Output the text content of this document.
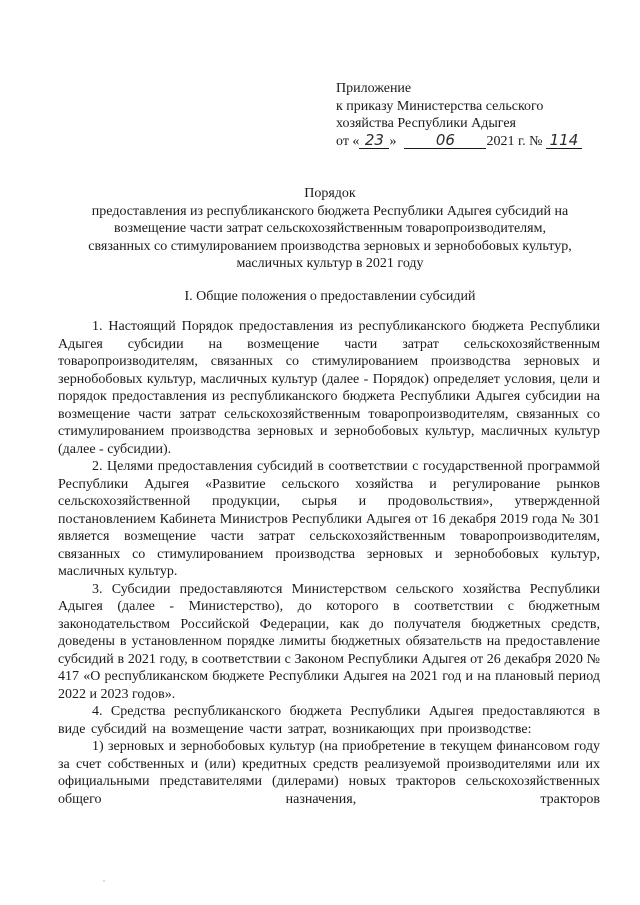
Приложение
к приказу Министерства сельского
хозяйства Республики Адыгея
от « 23 »	06 2021 г. № 114
Порядок
предоставления из республиканского бюджета Республики Адыгея субсидий на
возмещение части затрат сельскохозяйственным товаропроизводителям,
связанных со стимулированием производства зерновых и зернобобовых культур,
масличных культур в 2021 году
I. Общие положения о предоставлении субсидий

1. Настоящий Порядок предоставления из республиканского бюджета Республики Адыгея субсидии на возмещение части затрат сельскохозяйственным товаропроизводителям, связанных со стимулированием производства зерновых и зернобобовых культур, масличных культур (далее - Порядок) определяет условия, цели и порядок предоставления из республиканского бюджета Республики Адыгея субсидии на возмещение части затрат сельскохозяйственным товаропроизводителям, связанных со стимулированием производства зерновых и зернобобовых культур, масличных культур (далее - субсидии).

2. Целями предоставления субсидий в соответствии с государственной программой Республики Адыгея «Развитие сельского хозяйства и регулирование рынков сельскохозяйственной продукции, сырья и продовольствия», утвержденной постановлением Кабинета Министров Республики Адыгея от 16 декабря 2019 года № 301 является возмещение части затрат сельскохозяйственным товаропроизводителям, связанных со стимулированием производства зерновых и зернобобовых культур, масличных культур.

3. Субсидии предоставляются Министерством сельского хозяйства Республики Адыгея (далее - Министерство), до которого в соответствии с бюджетным законодательством Российской Федерации, как до получателя бюджетных средств, доведены в установленном порядке лимиты бюджетных обязательств на предоставление субсидий в 2021 году, в соответствии с Законом Республики Адыгея от 26 декабря 2020 № 417 «О республиканском бюджете Республики Адыгея на 2021 год и на плановый период 2022 и 2023 годов».

4. Средства республиканского бюджета Республики Адыгея предоставляются в виде субсидий на возмещение части затрат, возникающих при производстве:

1) зерновых и зернобобовых культур (на приобретение в текущем финансовом году за счет собственных и (или) кредитных средств реализуемой производителями или их официальными представителями (дилерами) новых тракторов сельскохозяйственных общего назначения, тракторов
